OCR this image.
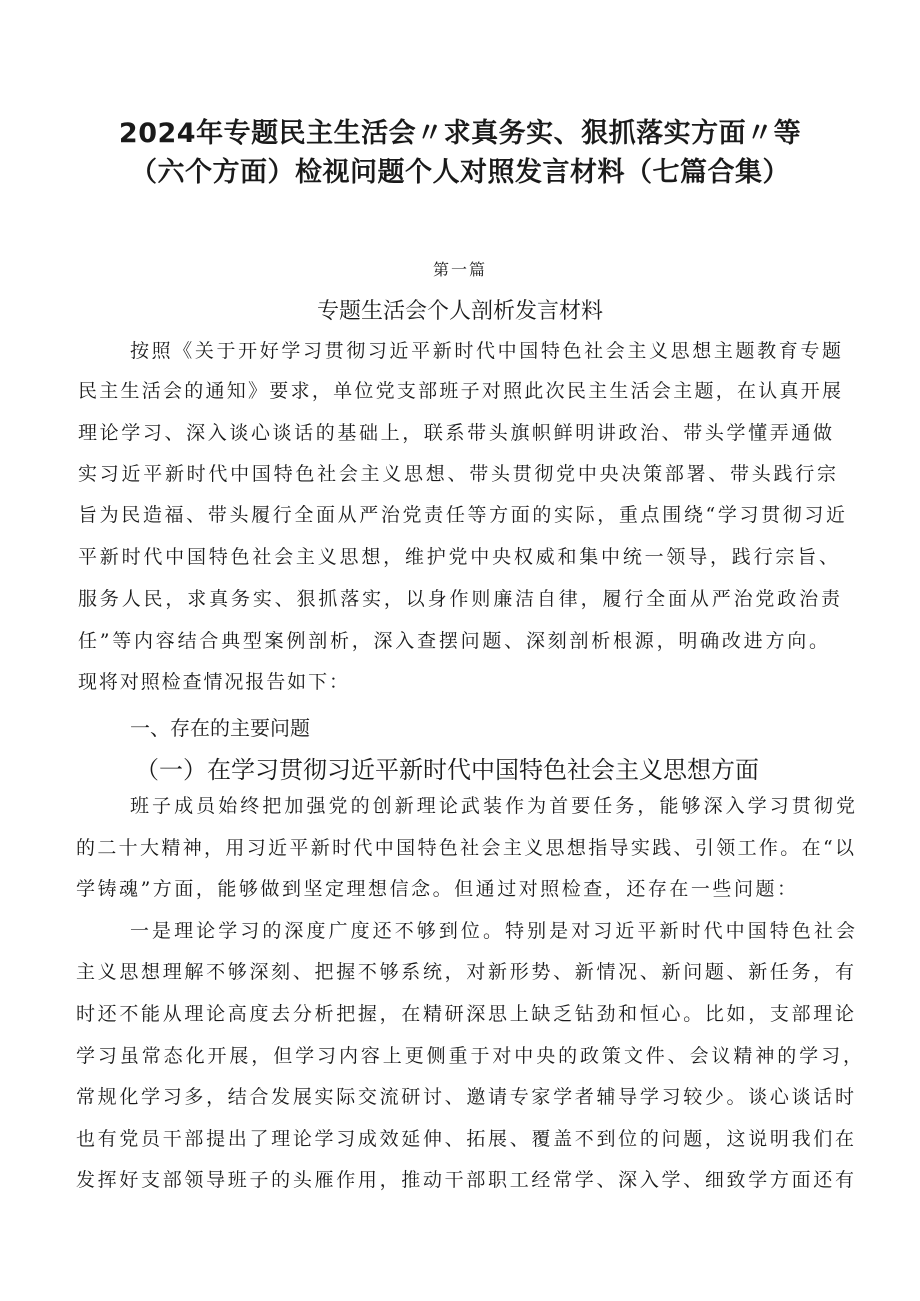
2024年专题民主生活会〃求真务实、狠抓落实方面〃等
（六个方面）检视问题个人对照发言材料（七篇合集）
第一篇
专题生活会个人剖析发言材料
按照《关于开好学习贯彻习近平新时代中国特色社会主义思想主题教育专题
民主生活会的通知》要求，单位党支部班子对照此次民主生活会主题，在认真开展
理论学习、深入谈心谈话的基础上，联系带头旗帜鲜明讲政治、带头学懂弄通做
实习近平新时代中国特色社会主义思想、带头贯彻党中央决策部署、带头践行宗
旨为民造福、带头履行全面从严治党责任等方面的实际，重点围绕“学习贯彻习近
平新时代中国特色社会主义思想，维护党中央权威和集中统一领导，践行宗旨、
服务人民，求真务实、狠抓落实，以身作则廉洁自律，履行全面从严治党政治责
任”等内容结合典型案例剖析，深入查摆问题、深刻剖析根源，明确改进方向。
现将对照检查情况报告如下：
一、存在的主要问题
（一）在学习贯彻习近平新时代中国特色社会主义思想方面
班子成员始终把加强党的创新理论武装作为首要任务，能够深入学习贯彻党
的二十大精神，用习近平新时代中国特色社会主义思想指导实践、引领工作。在“以
学铸魂”方面，能够做到坚定理想信念。但通过对照检查，还存在一些问题：
一是理论学习的深度广度还不够到位。特别是对习近平新时代中国特色社会
主义思想理解不够深刻、把握不够系统，对新形势、新情况、新问题、新任务，有
时还不能从理论高度去分析把握，在精研深思上缺乏钻劲和恒心。比如，支部理论
学习虽常态化开展，但学习内容上更侧重于对中央的政策文件、会议精神的学习，
常规化学习多，结合发展实际交流研讨、邀请专家学者辅导学习较少。谈心谈话时
也有党员干部提出了理论学习成效延伸、拓展、覆盖不到位的问题，这说明我们在
发挥好支部领导班子的头雁作用，推动干部职工经常学、深入学、细致学方面还有
